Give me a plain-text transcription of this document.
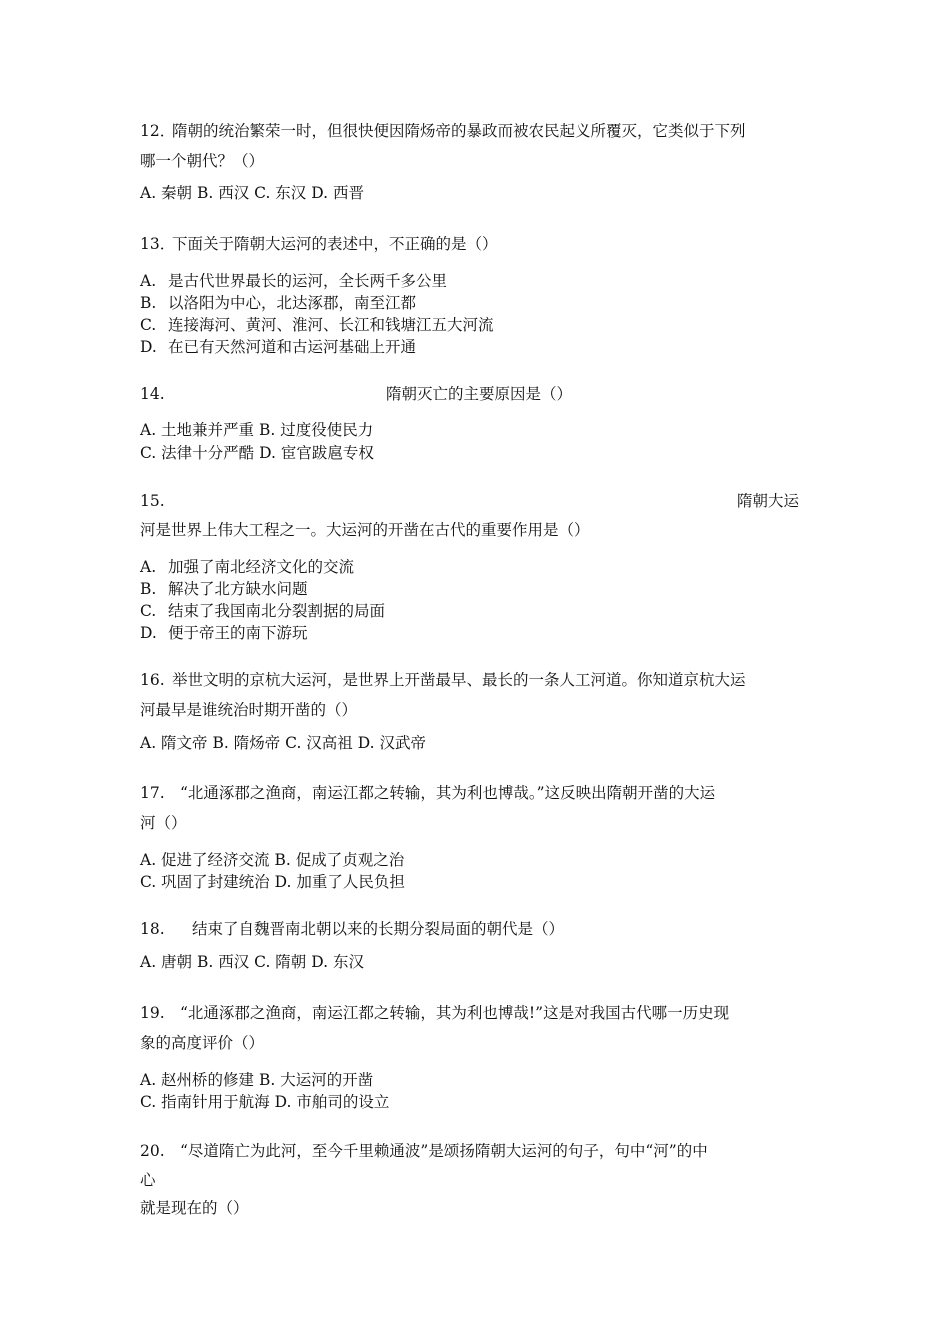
12．
隋朝的统治繁荣一时，但很快便因隋炀帝的暴政而被农民起义所覆灭，它类似于下列
哪一个朝代？（）
A. 秦朝 B. 西汉 C. 东汉 D. 西晋
13．
下面关于隋朝大运河的表述中，不正确的是（）
A. 是古代世界最长的运河，全长两千多公里
B. 以洛阳为中心，北达涿郡，南至江都
C. 连接海河、黄河、淮河、长江和钱塘江五大河流
D. 在已有天然河道和古运河基础上开通
14.	隋朝灭亡的主要原因是（）
A. 土地兼并严重 B. 过度役使民力
C. 法律十分严酷 D. 宦官跋扈专权
15.	隋朝大运
河是世界上伟大工程之一。大运河的开凿在古代的重要作用是（）
A. 加强了南北经济文化的交流
B. 解决了北方缺水问题
C. 结束了我国南北分裂割据的局面
D. 便于帝王的南下游玩
16. 举世文明的京杭大运河，是世界上开凿最早、最长的一条人工河道。你知道京杭大运
河最早是谁统治时期开凿的（）
A. 隋文帝 B. 隋炀帝 C. 汉高祖 D. 汉武帝
17. “北通涿郡之渔商，南运江都之转输，其为利也博哉。”这反映出隋朝开凿的大运
河（）
A. 促进了经济交流 B. 促成了贞观之治
C. 巩固了封建统治 D. 加重了人民负担
18. 结束了自魏晋南北朝以来的长期分裂局面的朝代是（）
A. 唐朝 B. 西汉 C. 隋朝 D. 东汉
19. “北通涿郡之渔商，南运江都之转输，其为利也博哉!”这是对我国古代哪一历史现
象的高度评价（）
A. 赵州桥的修建 B. 大运河的开凿
C. 指南针用于航海 D. 市舶司的设立
20. “尽道隋亡为此河，至今千里赖通波”是颂扬隋朝大运河的句子，句中“河”的中
心
就是现在的（）
